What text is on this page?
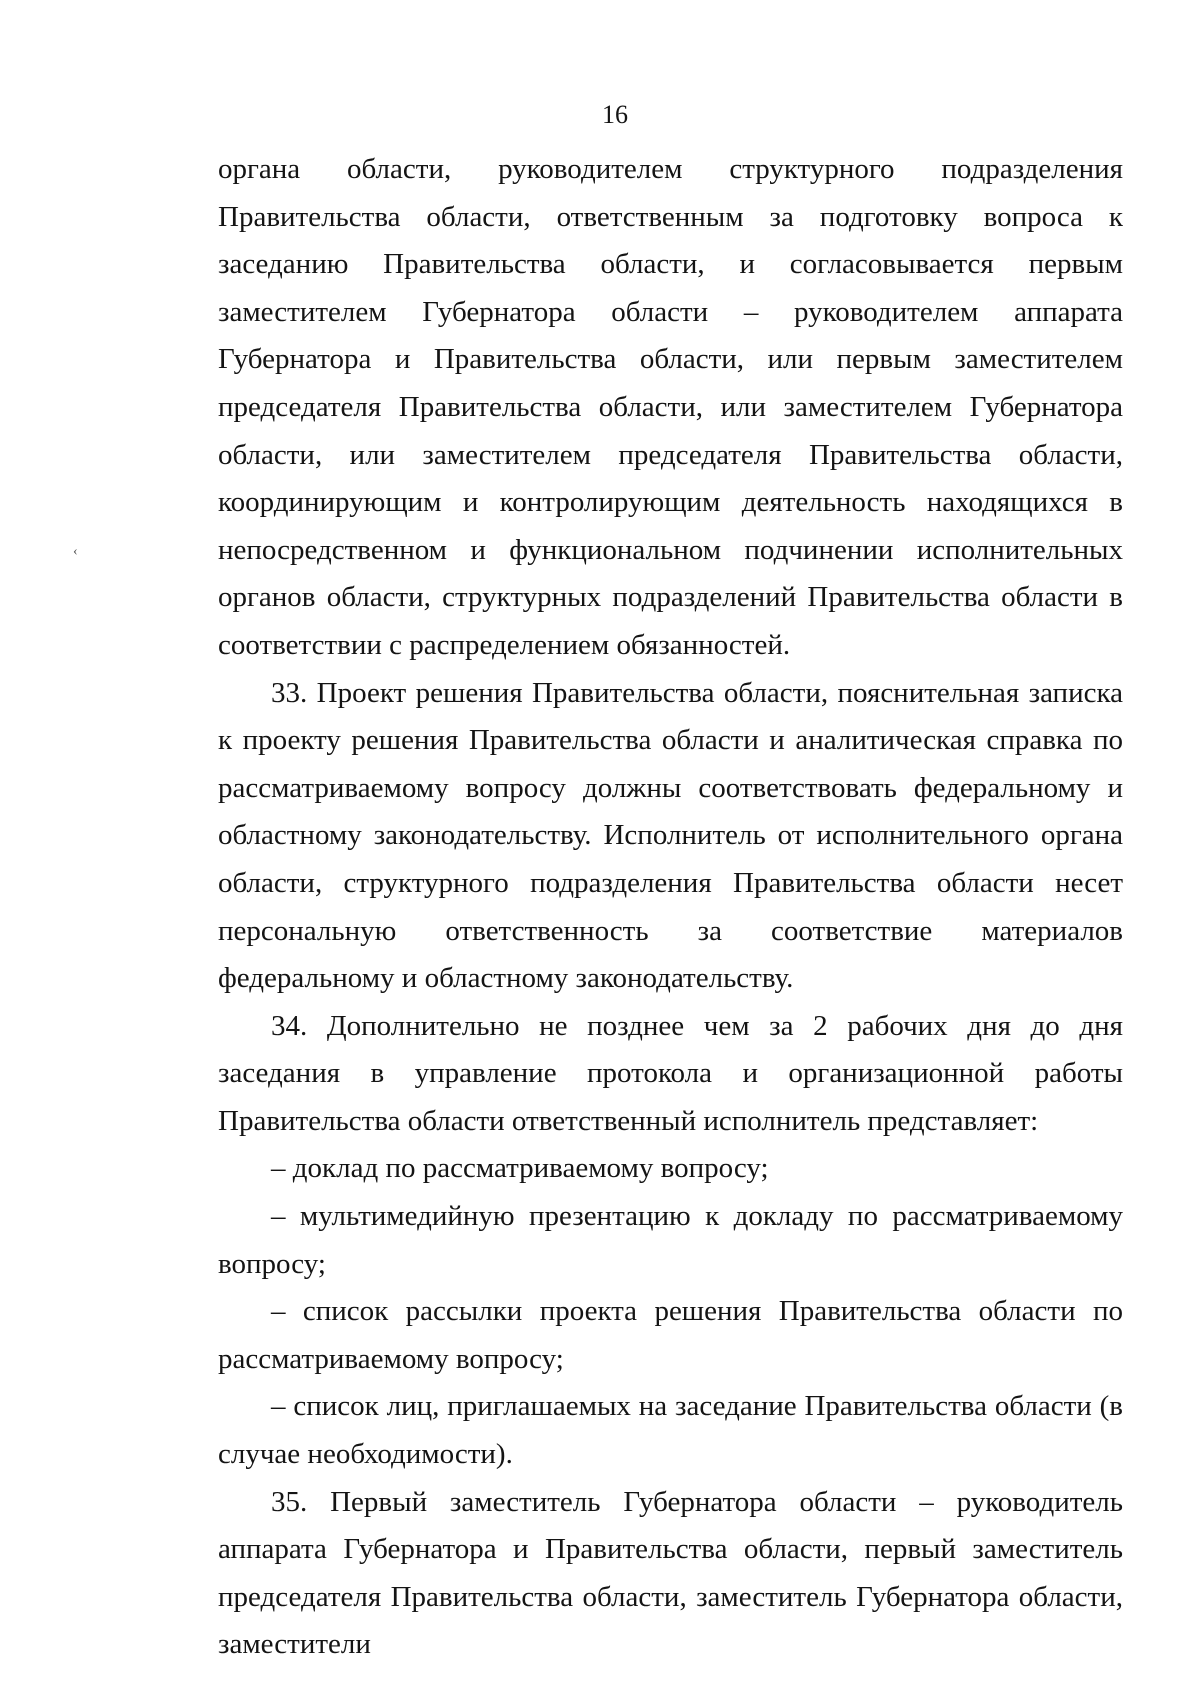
16
‹

органа области, руководителем структурного подразделения Правительства области, ответственным за подготовку вопроса к заседанию Правительства области, и согласовывается первым заместителем Губернатора области – руководителем аппарата Губернатора и Правительства области, или первым заместителем председателя Правительства области, или заместителем Губернатора области, или заместителем председателя Правительства области, координирующим и контролирующим деятельность находящихся в непосредственном и функциональном подчинении исполнительных органов области, структурных подразделений Правительства области в соответствии с распределением обязанностей.

33. Проект решения Правительства области, пояснительная записка к проекту решения Правительства области и аналитическая справка по рассматриваемому вопросу должны соответствовать федеральному и областному законодательству. Исполнитель от исполнительного органа области, структурного подразделения Правительства области несет персональную ответственность за соответствие материалов федеральному и областному законодательству.

34. Дополнительно не позднее чем за 2 рабочих дня до дня заседания в управление протокола и организационной работы Правительства области ответственный исполнитель представляет:

– доклад по рассматриваемому вопросу;

– мультимедийную презентацию к докладу по рассматриваемому вопросу;

– список рассылки проекта решения Правительства области по рассматриваемому вопросу;

– список лиц, приглашаемых на заседание Правительства области (в случае необходимости).

35. Первый заместитель Губернатора области – руководитель аппарата Губернатора и Правительства области, первый заместитель председателя Правительства области, заместитель Губернатора области, заместители
